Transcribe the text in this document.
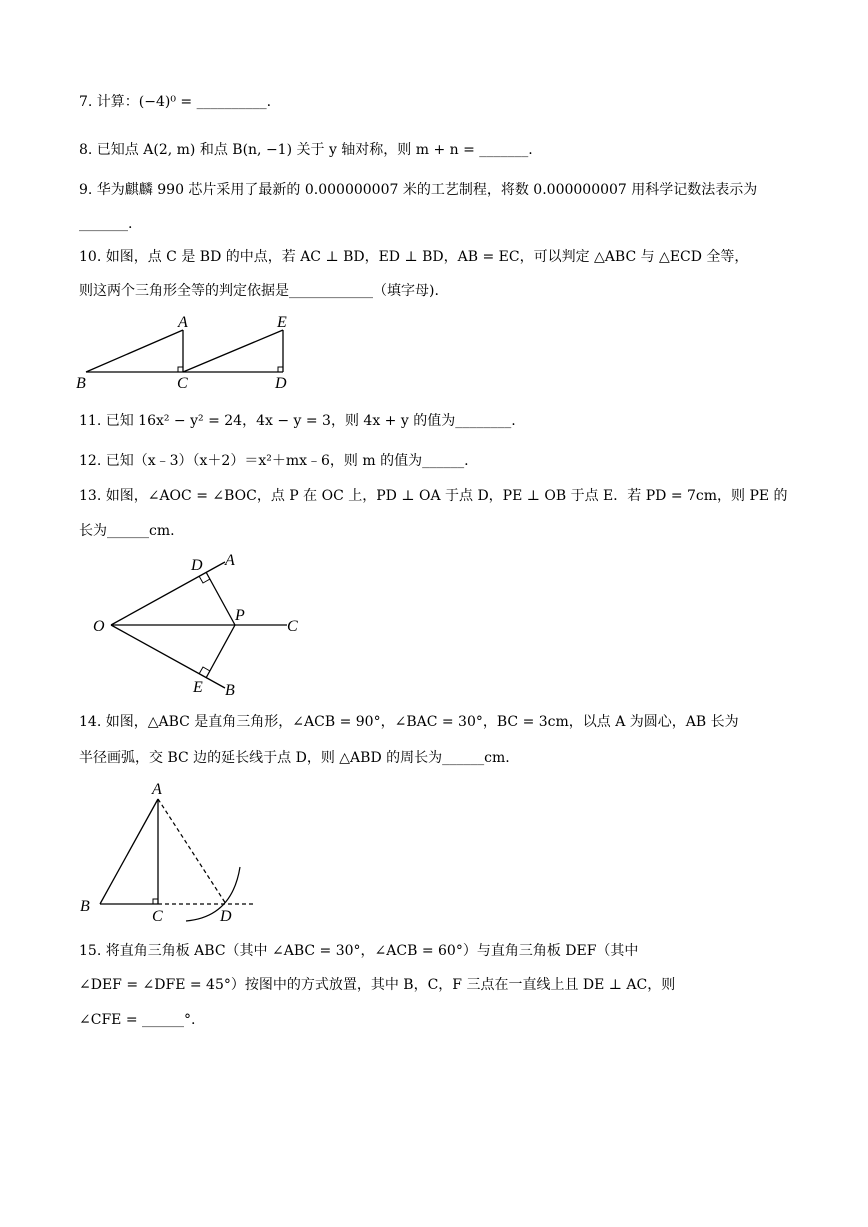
7. 计算：(−4)⁰ = __________.
8. 已知点 A(2, m) 和点 B(n, −1) 关于 y 轴对称，则 m + n = _______.
9. 华为麒麟 990 芯片采用了最新的 0.000000007 米的工艺制程，将数 0.000000007 用科学记数法表示为
_______.
10. 如图，点 C 是 BD 的中点，若 AC ⊥ BD，ED ⊥ BD，AB = EC，可以判定 △ABC 与 △ECD 全等，
则这两个三角形全等的判定依据是____________（填字母).
A	E
B	C	D
11. 已知 16x² − y² = 24，4x − y = 3，则 4x + y 的值为________.
12. 已知（x﹣3）（x＋2）＝x²＋mx﹣6，则 m 的值为______.
13. 如图，∠AOC = ∠BOC，点 P 在 OC 上，PD ⊥ OA 于点 D，PE ⊥ OB 于点 E．若 PD = 7cm，则 PE 的
长为______cm.
D A
O
P
C
E B
14. 如图，△ABC 是直角三角形，∠ACB = 90°，∠BAC = 30°，BC = 3cm，以点 A 为圆心，AB 长为
半径画弧，交 BC 边的延长线于点 D，则 △ABD 的周长为______cm.
A
B
C	D
15. 将直角三角板 ABC（其中 ∠ABC = 30°，∠ACB = 60°）与直角三角板 DEF（其中
∠DEF = ∠DFE = 45°）按图中的方式放置，其中 B，C，F 三点在一直线上且 DE ⊥ AC，则
∠CFE = ______°.
